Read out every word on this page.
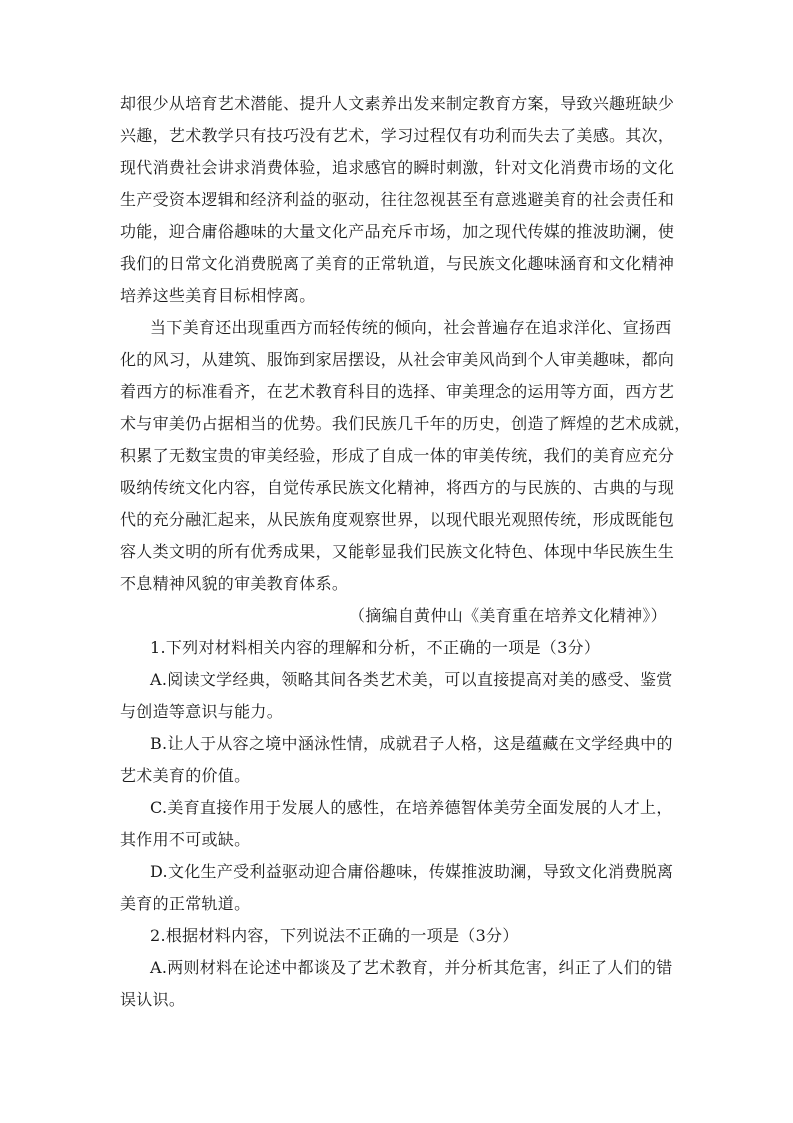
却很少从培育艺术潜能、提升人文素养出发来制定教育方案，导致兴趣班缺少
兴趣，艺术教学只有技巧没有艺术，学习过程仅有功利而失去了美感。其次，
现代消费社会讲求消费体验，追求感官的瞬时刺激，针对文化消费市场的文化
生产受资本逻辑和经济利益的驱动，往往忽视甚至有意逃避美育的社会责任和
功能，迎合庸俗趣味的大量文化产品充斥市场，加之现代传媒的推波助澜，使
我们的日常文化消费脱离了美育的正常轨道，与民族文化趣味涵育和文化精神
培养这些美育目标相悖离。
当下美育还出现重西方而轻传统的倾向，社会普遍存在追求洋化、宣扬西
化的风习，从建筑、服饰到家居摆设，从社会审美风尚到个人审美趣味，都向
着西方的标准看齐，在艺术教育科目的选择、审美理念的运用等方面，西方艺
术与审美仍占据相当的优势。我们民族几千年的历史，创造了辉煌的艺术成就，
积累了无数宝贵的审美经验，形成了自成一体的审美传统，我们的美育应充分
吸纳传统文化内容，自觉传承民族文化精神，将西方的与民族的、古典的与现
代的充分融汇起来，从民族角度观察世界，以现代眼光观照传统，形成既能包
容人类文明的所有优秀成果，又能彰显我们民族文化特色、体现中华民族生生
不息精神风貌的审美教育体系。
（摘编自黄仲山《美育重在培养文化精神》）
1.下列对材料相关内容的理解和分析，不正确的一项是（3分）
A.阅读文学经典，领略其间各类艺术美，可以直接提高对美的感受、鉴赏
与创造等意识与能力。
B.让人于从容之境中涵泳性情，成就君子人格，这是蕴藏在文学经典中的
艺术美育的价值。
C.美育直接作用于发展人的感性，在培养德智体美劳全面发展的人才上，
其作用不可或缺。
D.文化生产受利益驱动迎合庸俗趣味，传媒推波助澜，导致文化消费脱离
美育的正常轨道。
2.根据材料内容，下列说法不正确的一项是（3分）
A.两则材料在论述中都谈及了艺术教育，并分析其危害，纠正了人们的错
误认识。
